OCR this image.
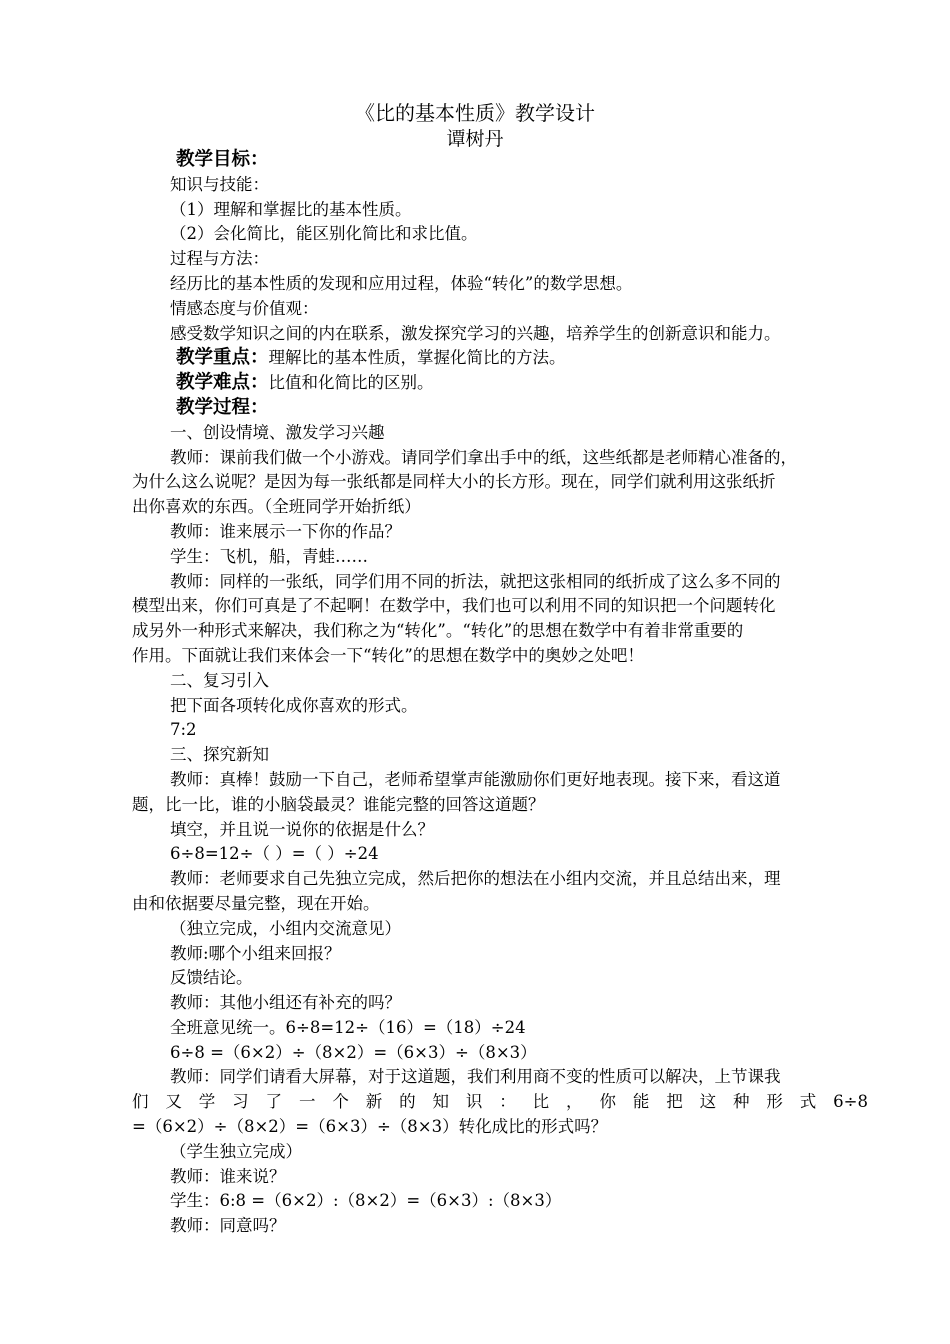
《比的基本性质》教学设计
谭树丹

教学目标：

知识与技能：

（1）理解和掌握比的基本性质。

（2）会化简比，能区别化简比和求比值。

过程与方法：

经历比的基本性质的发现和应用过程，体验“转化”的数学思想。

情感态度与价值观：

感受数学知识之间的内在联系，激发探究学习的兴趣，培养学生的创新意识和能力。

教学重点：理解比的基本性质，掌握化简比的方法。

教学难点：比值和化简比的区别。

教学过程：

一、创设情境、激发学习兴趣

教师：课前我们做一个小游戏。请同学们拿出手中的纸，这些纸都是老师精心准备的，

为什么这么说呢？是因为每一张纸都是同样大小的长方形。现在，同学们就利用这张纸折

出你喜欢的东西。（全班同学开始折纸）

教师：谁来展示一下你的作品？

学生：飞机，船，青蛙……

教师：同样的一张纸，同学们用不同的折法，就把这张相同的纸折成了这么多不同的

模型出来，你们可真是了不起啊！在数学中，我们也可以利用不同的知识把一个问题转化

成另外一种形式来解决，我们称之为“转化”。“转化”的思想在数学中有着非常重要的

作用。下面就让我们来体会一下“转化”的思想在数学中的奥妙之处吧！

二、复习引入

把下面各项转化成你喜欢的形式。

7:2

三、探究新知

教师：真棒！鼓励一下自己，老师希望掌声能激励你们更好地表现。接下来，看这道

题，比一比，谁的小脑袋最灵？谁能完整的回答这道题？

填空，并且说一说你的依据是什么？

6÷8=12÷（ ）=（ ）÷24

教师：老师要求自己先独立完成，然后把你的想法在小组内交流，并且总结出来，理

由和依据要尽量完整，现在开始。

（独立完成，小组内交流意见）

教师:哪个小组来回报？

反馈结论。

教师：其他小组还有补充的吗？

全班意见统一。6÷8=12÷（16）=（18）÷24

6÷8 =（6×2）÷（8×2）=（6×3）÷（8×3）

教师：同学们请看大屏幕，对于这道题，我们利用商不变的性质可以解决，上节课我

们 又 学 习 了 一 个 新 的 知 识 ： 比 ， 你 能 把 这 种 形 式 6÷8

=（6×2）÷（8×2）=（6×3）÷（8×3）转化成比的形式吗？

（学生独立完成）

教师：谁来说？

学生：6:8 =（6×2）:（8×2）=（6×3）:（8×3）

教师：同意吗？
